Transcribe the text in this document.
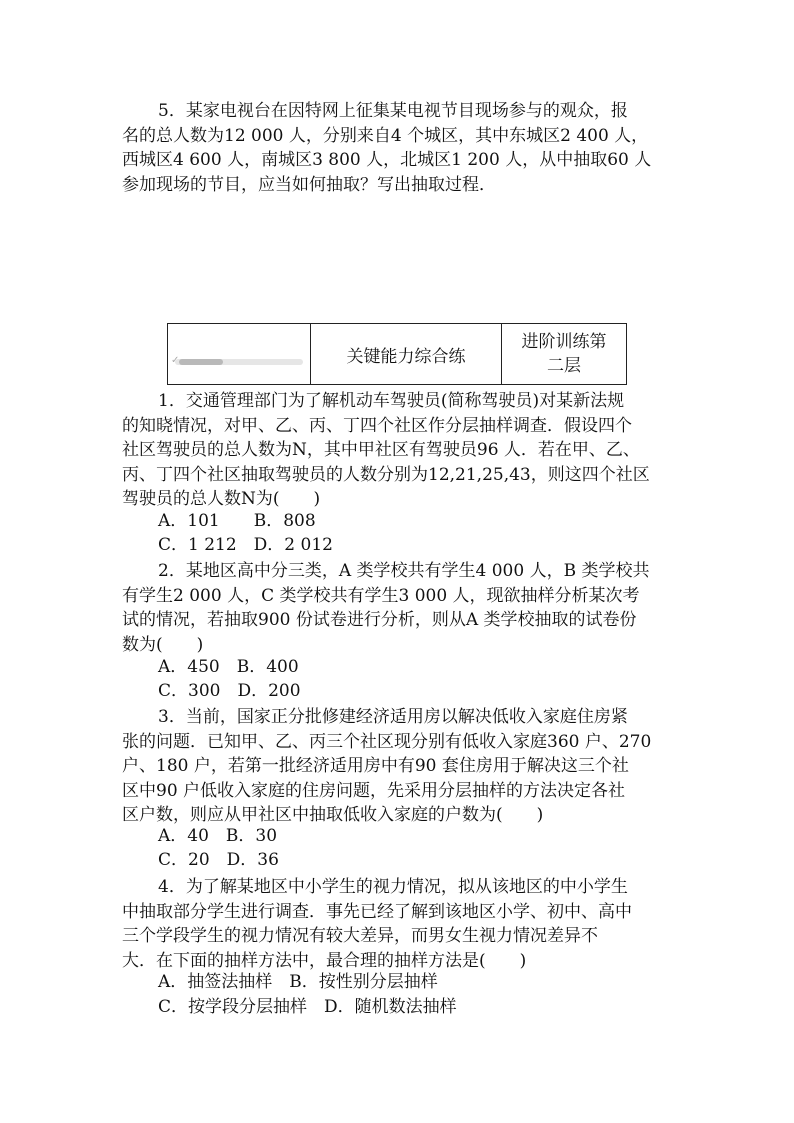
5．某家电视台在因特网上征集某电视节目现场参与的观众，报
名的总人数为12 000 人，分别来自4 个城区，其中东城区2 400 人，
西城区4 600 人，南城区3 800 人，北城区1 200 人，从中抽取60 人
参加现场的节目，应当如何抽取？写出抽取过程．
✓	关键能力综合练	
进阶训练第
二层
1．交通管理部门为了解机动车驾驶员(简称驾驶员)对某新法规
的知晓情况，对甲、乙、丙、丁四个社区作分层抽样调查．假设四个
社区驾驶员的总人数为N，其中甲社区有驾驶员96 人．若在甲、乙、
丙、丁四个社区抽取驾驶员的人数分别为12,21,25,43，则这四个社区
驾驶员的总人数N为(　　)
A．101　　B．808
C．1 212　D．2 012
2．某地区高中分三类，A 类学校共有学生4 000 人，B 类学校共
有学生2 000 人，C 类学校共有学生3 000 人，现欲抽样分析某次考
试的情况，若抽取900 份试卷进行分析，则从A 类学校抽取的试卷份
数为(　　)
A．450　B．400
C．300　D．200
3．当前，国家正分批修建经济适用房以解决低收入家庭住房紧
张的问题．已知甲、乙、丙三个社区现分别有低收入家庭360 户、270
户、180 户，若第一批经济适用房中有90 套住房用于解决这三个社
区中90 户低收入家庭的住房问题，先采用分层抽样的方法决定各社
区户数，则应从甲社区中抽取低收入家庭的户数为(　　)
A．40　B．30
C．20　D．36
4．为了解某地区中小学生的视力情况，拟从该地区的中小学生
中抽取部分学生进行调查．事先已经了解到该地区小学、初中、高中
三个学段学生的视力情况有较大差异，而男女生视力情况差异不
大．在下面的抽样方法中，最合理的抽样方法是(　　)
A．抽签法抽样　B．按性别分层抽样
C．按学段分层抽样　D．随机数法抽样
